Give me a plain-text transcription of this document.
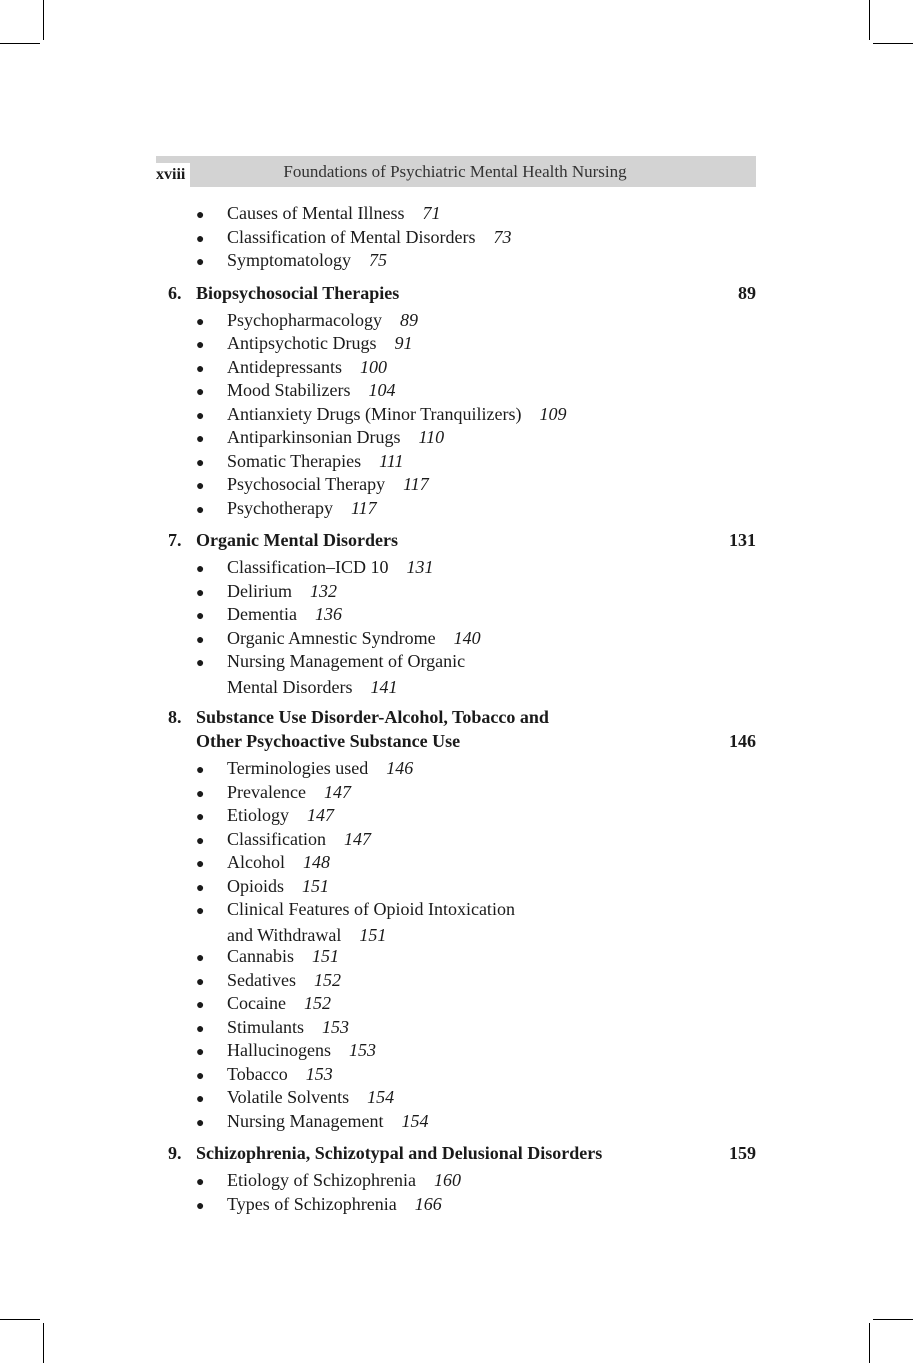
xviii	Foundations of Psychiatric Mental Health Nursing
● Causes of Mental Illness 71
● Classification of Mental Disorders 73
● Symptomatology 75
6. Biopsychosocial Therapies	89
● Psychopharmacology 89
● Antipsychotic Drugs 91
● Antidepressants 100
● Mood Stabilizers 104
● Antianxiety Drugs (Minor Tranquilizers) 109
● Antiparkinsonian Drugs 110
● Somatic Therapies 111
● Psychosocial Therapy 117
● Psychotherapy 117
7. Organic Mental Disorders	131
● Classification–ICD 10 131
● Delirium 132
● Dementia 136
● Organic Amnestic Syndrome 140
● Nursing Management of Organic
Mental Disorders 141
8. Substance Use Disorder-Alcohol, Tobacco and
Other Psychoactive Substance Use	146
● Terminologies used 146
● Prevalence 147
● Etiology 147
● Classification 147
● Alcohol 148
● Opioids 151
● Clinical Features of Opioid Intoxication
and Withdrawal 151
● Cannabis 151
● Sedatives 152
● Cocaine 152
● Stimulants 153
● Hallucinogens 153
● Tobacco 153
● Volatile Solvents 154
● Nursing Management 154
9. Schizophrenia, Schizotypal and Delusional Disorders	159
● Etiology of Schizophrenia 160
● Types of Schizophrenia 166
